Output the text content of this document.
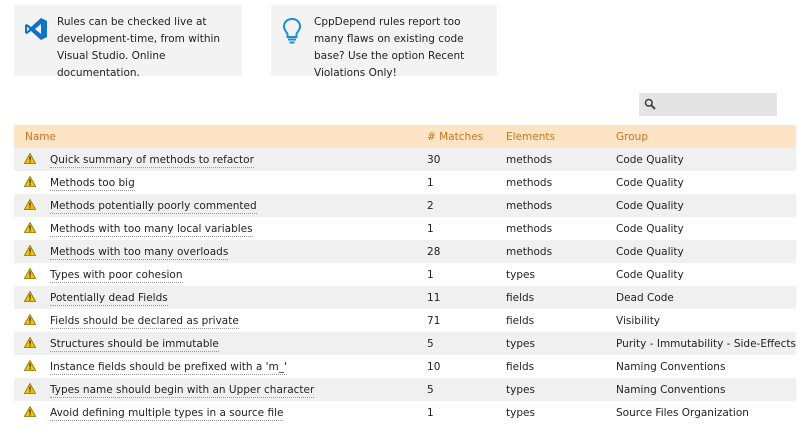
Rules can be checked live at development-time, from within Visual Studio. Online documentation.
CppDepend rules report too many flaws on existing code base? Use the option Recent Violations Only!
Name		# Matches	Elements	Group
	Quick summary of methods to refactor	30	methods	Code Quality
	Methods too big	1	methods	Code Quality
	Methods potentially poorly commented	2	methods	Code Quality
	Methods with too many local variables	1	methods	Code Quality
	Methods with too many overloads	28	methods	Code Quality
	Types with poor cohesion	1	types	Code Quality
	Potentially dead Fields	11	fields	Dead Code
	Fields should be declared as private	71	fields	Visibility
	Structures should be immutable	5	types	Purity - Immutability - Side-Effects
	Instance fields should be prefixed with a 'm_'	10	fields	Naming Conventions
	Types name should begin with an Upper character	5	types	Naming Conventions
	Avoid defining multiple types in a source file	1	types	Source Files Organization
